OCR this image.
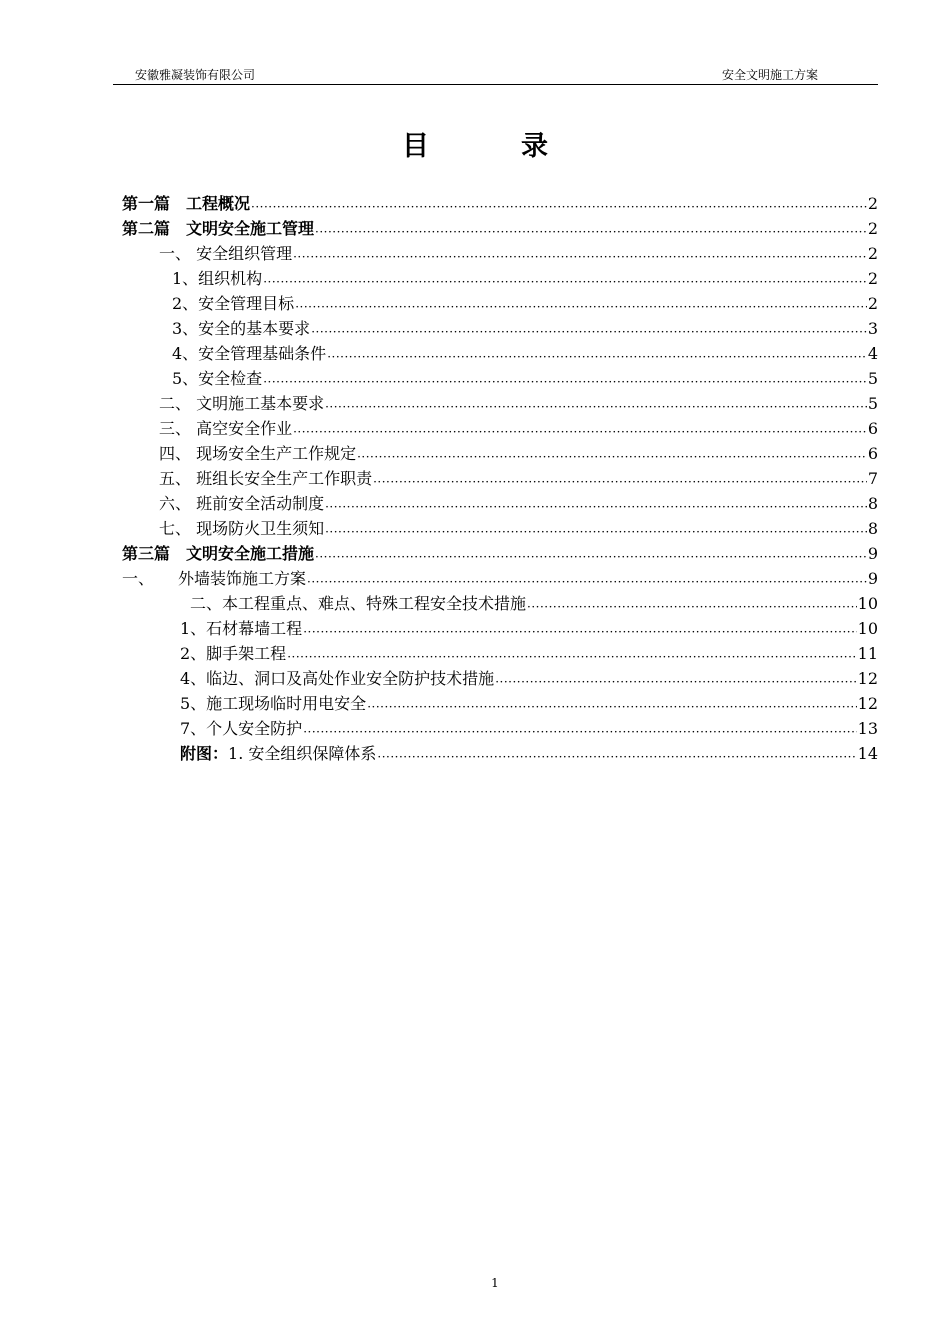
安徽雅凝装饰有限公司	安全文明施工方案
目	录
第一篇　工程概况 ·····	2
第二篇　文明安全施工管理 ·····	2
一、 安全组织管理 ·····	2
1、组织机构 ·····	2
2、安全管理目标 ·····	2
3、安全的基本要求 ·····	3
4、安全管理基础条件 ·····	4
5、安全检查 ·····	5
二、 文明施工基本要求 ·····	5
三、 高空安全作业 ·····	6
四、 现场安全生产工作规定 ·····	6
五、 班组长安全生产工作职责 ·····	7
六、 班前安全活动制度 ·····	8
七、 现场防火卫生须知 ·····	8
第三篇　文明安全施工措施 ·····	9
一、　　外墙装饰施工方案 ·····	9
二、本工程重点、难点、特殊工程安全技术措施 ·····	10
1、石材幕墙工程 ·····	10
2、脚手架工程 ·····	11
4、临边、洞口及高处作业安全防护技术措施 ·····	12
5、施工现场临时用电安全 ·····	12
7、个人安全防护 ·····	13
附图： 1. 安全组织保障体系 ·····	14
1
